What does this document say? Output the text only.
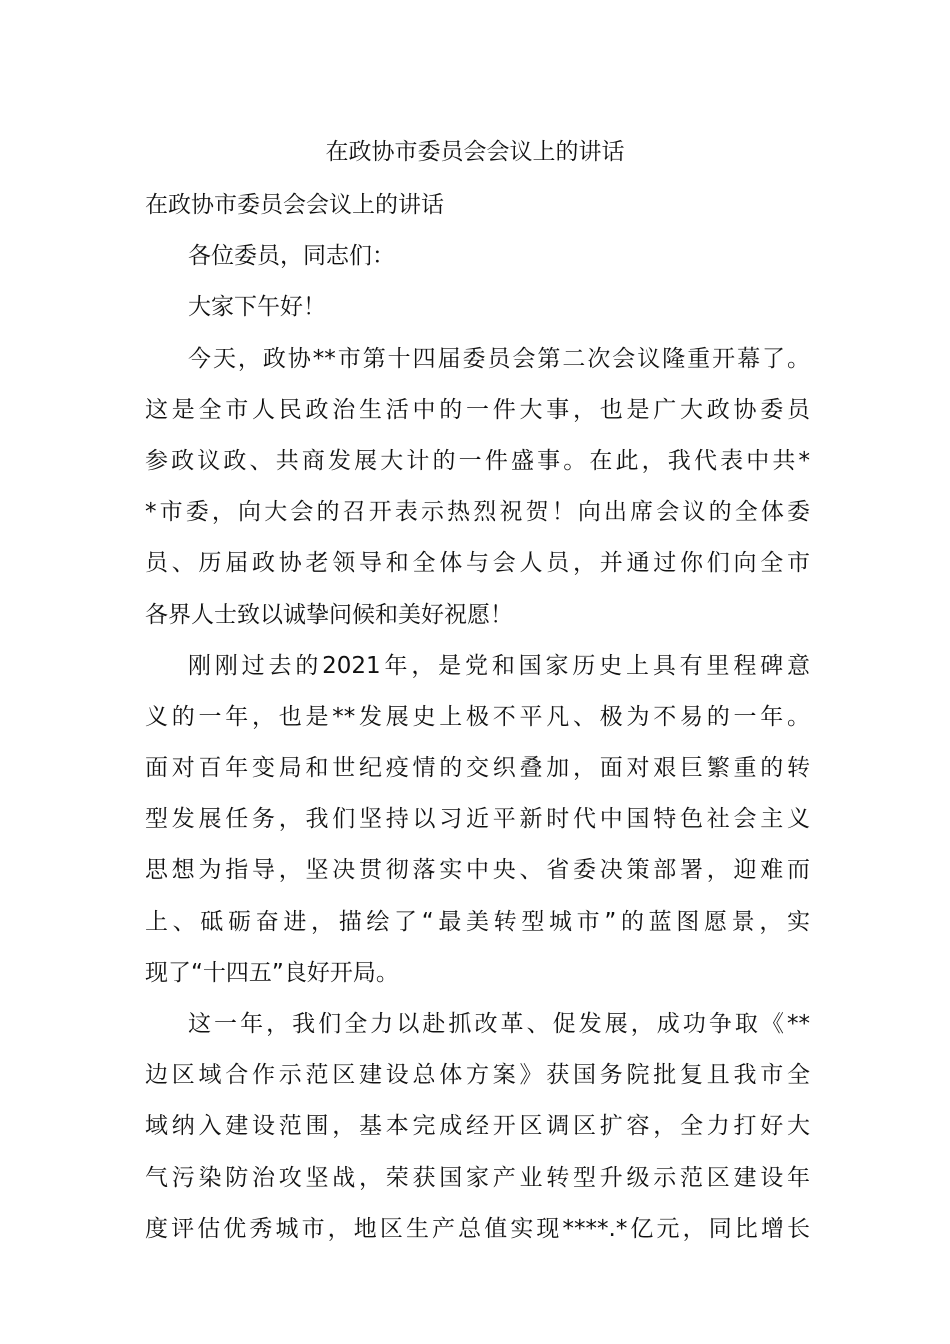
在政协市委员会会议上的讲话
在政协市委员会会议上的讲话
各位委员，同志们：
大家下午好！
今天，政协**市第十四届委员会第二次会议隆重开幕了。
这是全市人民政治生活中的一件大事，也是广大政协委员
参政议政、共商发展大计的一件盛事。在此，我代表中共*
*市委，向大会的召开表示热烈祝贺！向出席会议的全体委
员、历届政协老领导和全体与会人员，并通过你们向全市
各界人士致以诚挚问候和美好祝愿！
刚刚过去的2021年，是党和国家历史上具有里程碑意
义的一年，也是**发展史上极不平凡、极为不易的一年。
面对百年变局和世纪疫情的交织叠加，面对艰巨繁重的转
型发展任务，我们坚持以习近平新时代中国特色社会主义
思想为指导，坚决贯彻落实中央、省委决策部署，迎难而
上、砥砺奋进，描绘了“最美转型城市”的蓝图愿景，实
现了“十四五”良好开局。
这一年，我们全力以赴抓改革、促发展，成功争取《**
边区域合作示范区建设总体方案》获国务院批复且我市全
域纳入建设范围，基本完成经开区调区扩容，全力打好大
气污染防治攻坚战，荣获国家产业转型升级示范区建设年
度评估优秀城市，地区生产总值实现****.*亿元，同比增长
